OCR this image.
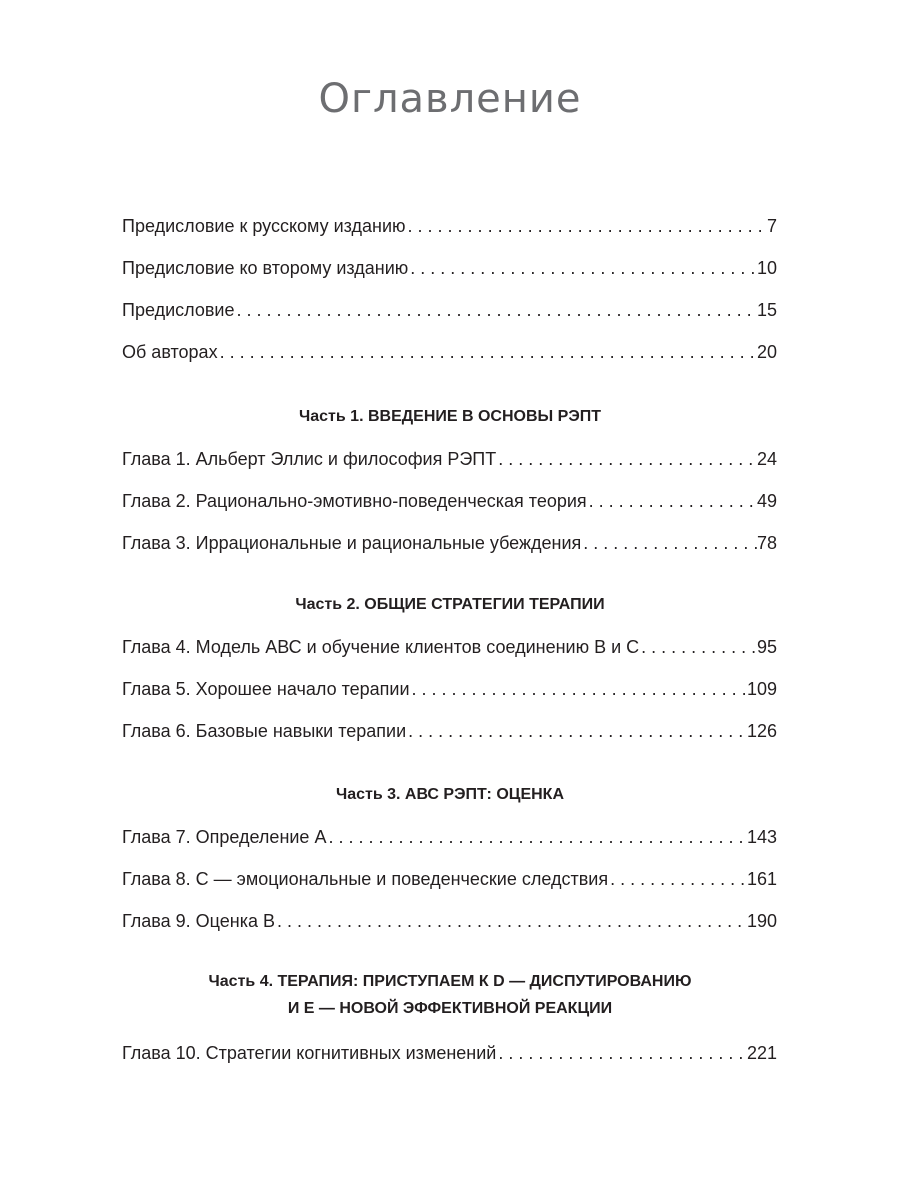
Оглавление
Предисловие к русскому изданию . . .	7
Предисловие ко второму изданию . . .	10
Предисловие . . .	15
Об авторах . . .	20
Часть 1. ВВЕДЕНИЕ В ОСНОВЫ РЭПТ
Глава 1. Альберт Эллис и философия РЭПТ . . .	24
Глава 2. Рационально-эмотивно-поведенческая теория . . .	49
Глава 3. Иррациональные и рациональные убеждения . . .	78
Часть 2. ОБЩИЕ СТРАТЕГИИ ТЕРАПИИ
Глава 4. Модель АВС и обучение клиентов соединению В и С . . .	95
Глава 5. Хорошее начало терапии . . .	109
Глава 6. Базовые навыки терапии . . .	126
Часть 3. АВС РЭПТ: ОЦЕНКА
Глава 7. Определение А . . .	143
Глава 8. С — эмоциональные и поведенческие следствия . . .	161
Глава 9. Оценка В . . .	190
Часть 4. ТЕРАПИЯ: ПРИСТУПАЕМ К D — ДИСПУТИРОВАНИЮ
И Е — НОВОЙ ЭФФЕКТИВНОЙ РЕАКЦИИ
Глава 10. Стратегии когнитивных изменений . . .	221
